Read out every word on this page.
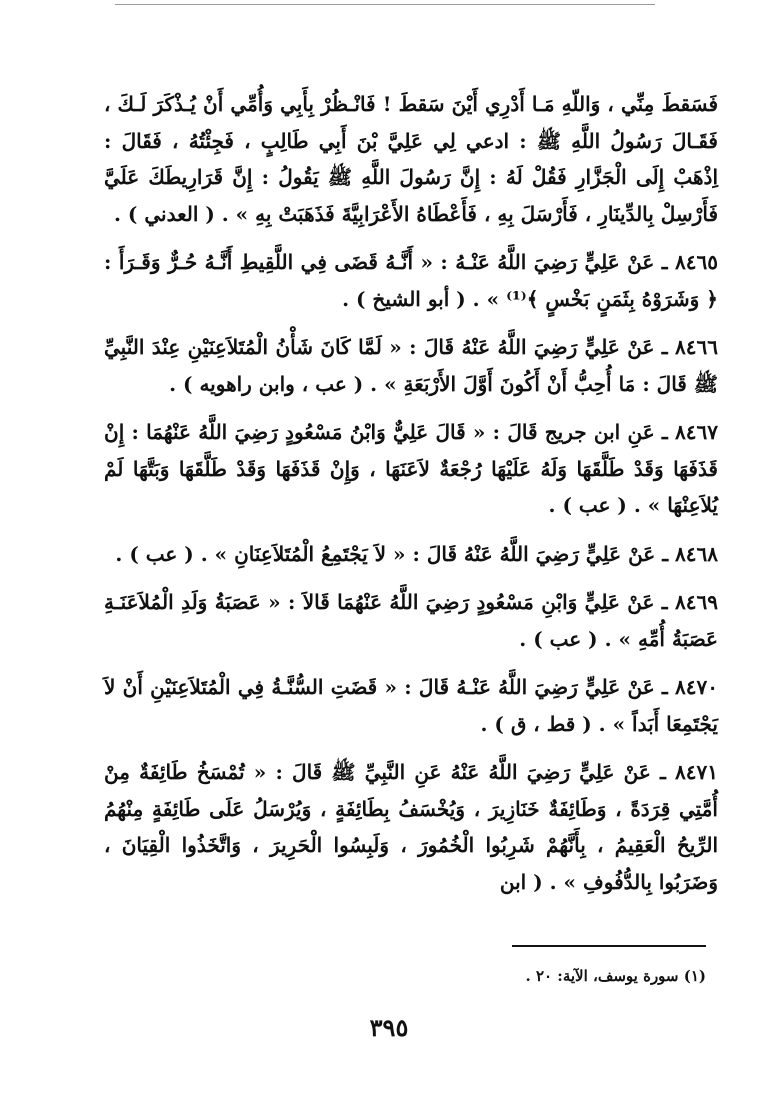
فَسَقطَ مِنِّي ، وَاللّهِ مَـا أَدْرِي أَيْنَ سَقطَ ! فَانْـظُرْ بِأَبِي وَأُمِّي أَنْ يُـذْكَرَ لَـكَ ، فَقَـالَ رَسُولُ اللَّهِ ﷺ : ادعي لِي عَلِيَّ بْنَ أَبِي طَالِبٍ ، فَجِئْتُهُ ، فَقَالَ : اِذْهَبْ إِلَى الْجَزَّارِ فَقُلْ لَهُ : إِنَّ رَسُولَ اللَّهِ ﷺ يَقُولُ : إِنَّ قَرَارِيطَكَ عَلَيَّ فَأَرْسِلْ بِالدِّينَارِ ، فَأَرْسَلَ بِهِ ، فَأَعْطَاهُ الأَعْرَابِيَّةَ فَذَهَبَتْ بِهِ » . ( العدني ) .

٨٤٦٥ ـ عَنْ عَلِيٍّ رَضِيَ اللَّهُ عَنْـهُ : « أَنَّـهُ قَضَى فِي اللَّقِيطِ أَنَّـهُ حُـرٌّ وَقَـرَأَ : ﴿ وَشَرَوْهُ بِثَمَنٍ بَخْسٍ ﴾⁽¹⁾ » . ( أبو الشيخ ) .

٨٤٦٦ ـ عَنْ عَلِيٍّ رَضِيَ اللَّهُ عَنْهُ قَالَ : « لَمَّا كَانَ شَأْنُ الْمُتَلاَعِنَيْنِ عِنْدَ النَّبِيِّ ﷺ قَالَ : مَا أُحِبُّ أَنْ أَكُونَ أَوَّلَ الأَرْبَعَةِ » . ( عب ، وابن راهويه ) .

٨٤٦٧ ـ عَنِ ابن جريج قَالَ : « قَالَ عَلِيٌّ وَابْنُ مَسْعُودٍ رَضِيَ اللَّهُ عَنْهُمَا : إِنْ قَذَفَهَا وَقَدْ طَلَّقَهَا وَلَهُ عَلَيْهَا رُجْعَةٌ لاَعَنَهَا ، وَإِنْ قَذَفَهَا وَقَدْ طَلَّقَهَا وَبَتَّهَا لَمْ يُلاَعِنْهَا » . ( عب ) .

٨٤٦٨ ـ عَنْ عَلِيٍّ رَضِيَ اللَّهُ عَنْهُ قَالَ : « لاَ يَجْتَمِعُ الْمُتَلاَعِنَانِ » . ( عب ) .

٨٤٦٩ ـ عَنْ عَلِيٍّ وَابْنِ مَسْعُودٍ رَضِيَ اللَّهُ عَنْهُمَا قَالاَ : « عَصَبَةُ وَلَدِ الْمُلاَعَنَـةِ عَصَبَةُ أُمِّهِ » . ( عب ) .

٨٤٧٠ ـ عَنْ عَلِيٍّ رَضِيَ اللَّهُ عَنْـهُ قَالَ : « قَضَتِ السُّنَّـةُ فِي الْمُتَلاَعِنَيْنِ أَنْ لاَ يَجْتَمِعَا أَبَداً » . ( قط ، ق ) .

٨٤٧١ ـ عَنْ عَلِيٍّ رَضِيَ اللَّهُ عَنْهُ عَنِ النَّبِيِّ ﷺ قَالَ : « تُمْسَخُ طَائِفَةٌ مِنْ أُمَّتِي قِرَدَةً ، وَطَائِفَةٌ خَنَازِيرَ ، وَيُخْسَفُ بِطَائِفَةٍ ، وَيُرْسَلُ عَلَى طَائِفَةٍ مِنْهُمُ الرِّيحُ الْعَقِيمُ ، بِأَنَّهُمْ شَرِبُوا الْخُمُورَ ، وَلَبِسُوا الْحَرِيرَ ، وَاتَّخَذُوا الْقِيَانَ ، وَضَرَبُوا بِالدُّفُوفِ » . ( ابن

(١) سورة يوسف، الآية: ٢٠ .
٣٩٥
